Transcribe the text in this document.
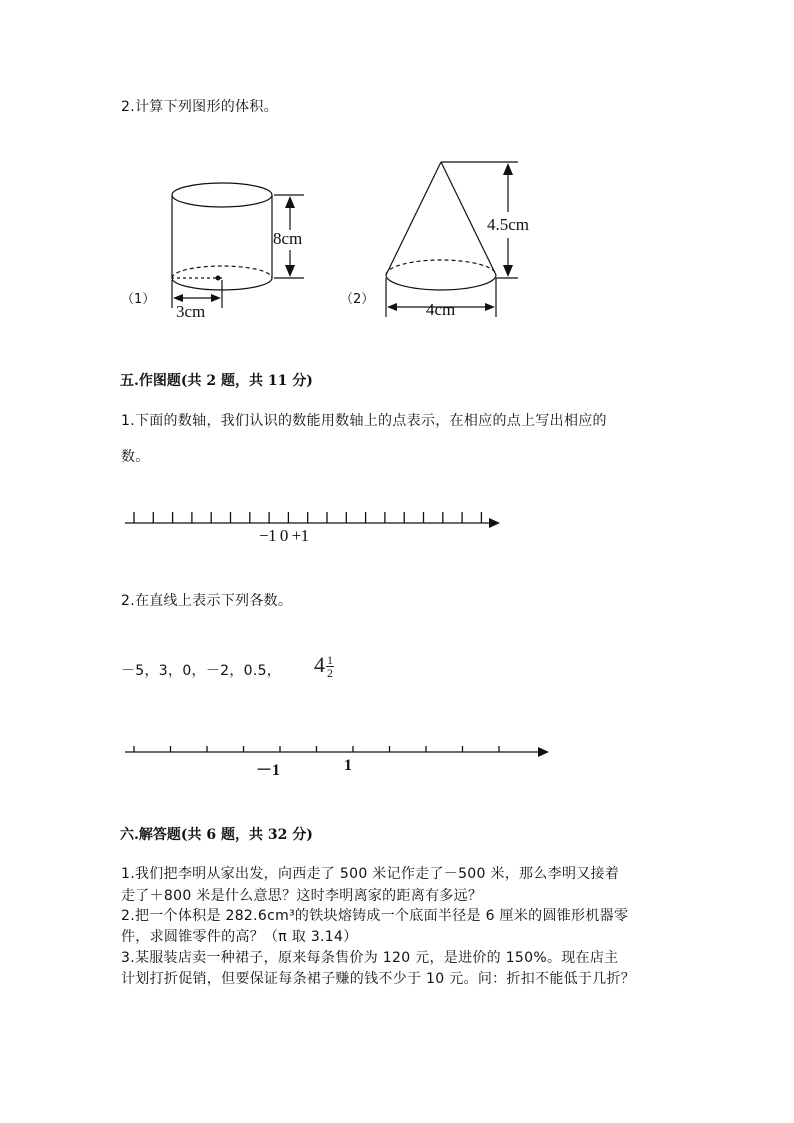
2.计算下列图形的体积。
（1）
8cm
3cm
（2）
4.5cm
4cm
五.作图题(共 2 题，共 11 分)
1.下面的数轴，我们认识的数能用数轴上的点表示，在相应的点上写出相应的
数。
−1 0 +1
2.在直线上表示下列各数。
－5，3，0，－2，0.5， $4 \frac{1}{2}$
－1	1
六.解答题(共 6 题，共 32 分)
1.我们把李明从家出发，向西走了 500 米记作走了－500 米，那么李明又接着
走了＋800 米是什么意思？这时李明离家的距离有多远？
2.把一个体积是 282.6cm³的铁块熔铸成一个底面半径是 6 厘米的圆锥形机器零
件，求圆锥零件的高？（π 取 3.14）
3.某服装店卖一种裙子，原来每条售价为 120 元，是进价的 150%。现在店主
计划打折促销，但要保证每条裙子赚的钱不少于 10 元。问：折扣不能低于几折？
